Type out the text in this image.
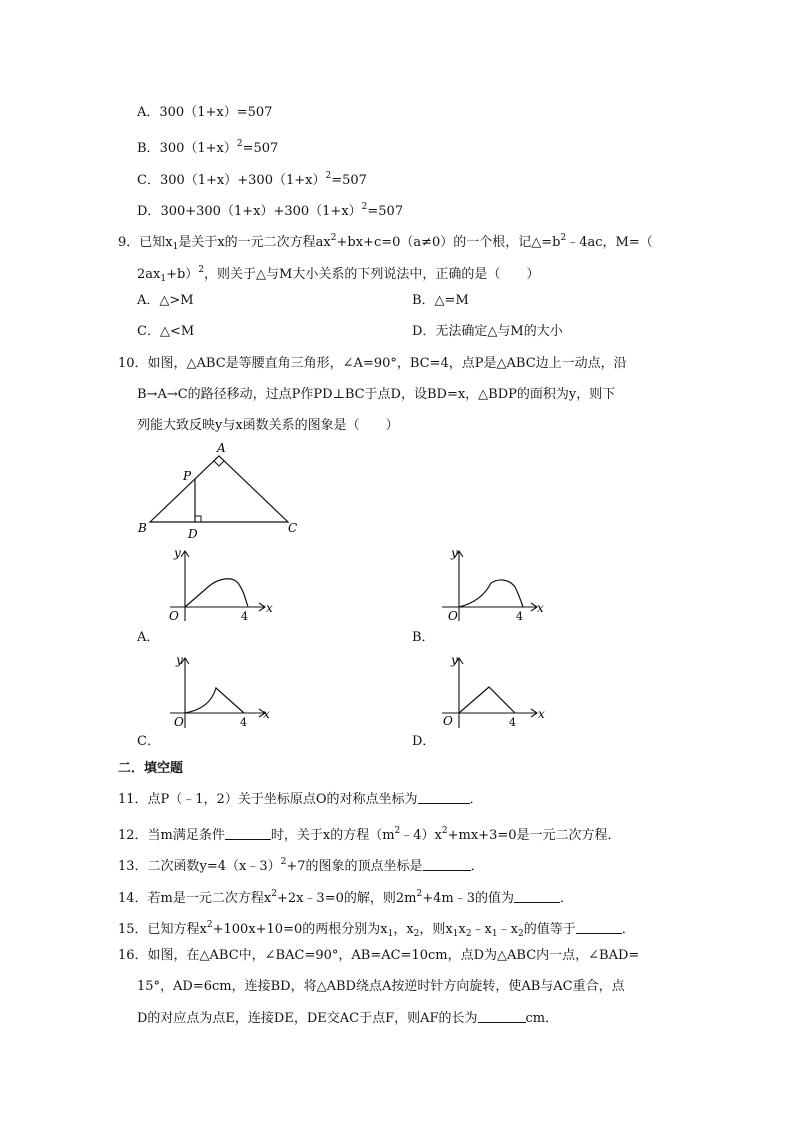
A．300（1+x）=507
B．$300(1+x)^2=507$
C．$300(1+x)+300(1+x)^2=507$
D．$300+300(1+x)+300(1+x)^2=507$
9．已知$x_1$是关于x的一元二次方程$ax^2+bx+c=0(a\ne 0)$的一个根，记$\triangle=b^2﹣4ac$，M=（
$2ax_1+b)^2$，则关于△与M大小关系的下列说法中，正确的是（　　）
A．△>M	B．△=M
C．△<M	D．无法确定△与M的大小
10．如图，△ABC是等腰直角三角形，∠A=90°，BC=4，点P是△ABC边上一动点，沿
B→A→C的路径移动，过点P作PD⊥BC于点D，设BD=x，△BDP的面积为y，则下
列能大致反映y与x函数关系的图象是（　　）
A
P
B	D	C
y
x
O	4
A．
y
x
O	4
B．
y
x
O	4
C．
y
x
O	4
D．
二．填空题
11．点P（﹣1，2）关于坐标原点O的对称点坐标为	．
12．当m满足条件	时，关于x的方程$(m^2﹣4)x^2+mx+3=0$是一元二次方程．
13．二次函数y=4（x﹣3）$^2$+7的图象的顶点坐标是	．
14．若m是一元二次方程$x^2+2x﹣3=0$的解，则$2m^2+4m﹣3$的值为	．
15．已知方程$x^2+100x+10=0$的两根分别为$x_1$，$x_2$，则$x_1x_2﹣x_1﹣x_2$的值等于	．
16．如图，在△ABC中，∠BAC=90°，AB=AC=10cm，点D为△ABC内一点，∠BAD=
15°，AD=6cm，连接BD，将△ABD绕点A按逆时针方向旋转，使AB与AC重合，点
D的对应点为点E，连接DE，DE交AC于点F，则AF的长为	cm．
